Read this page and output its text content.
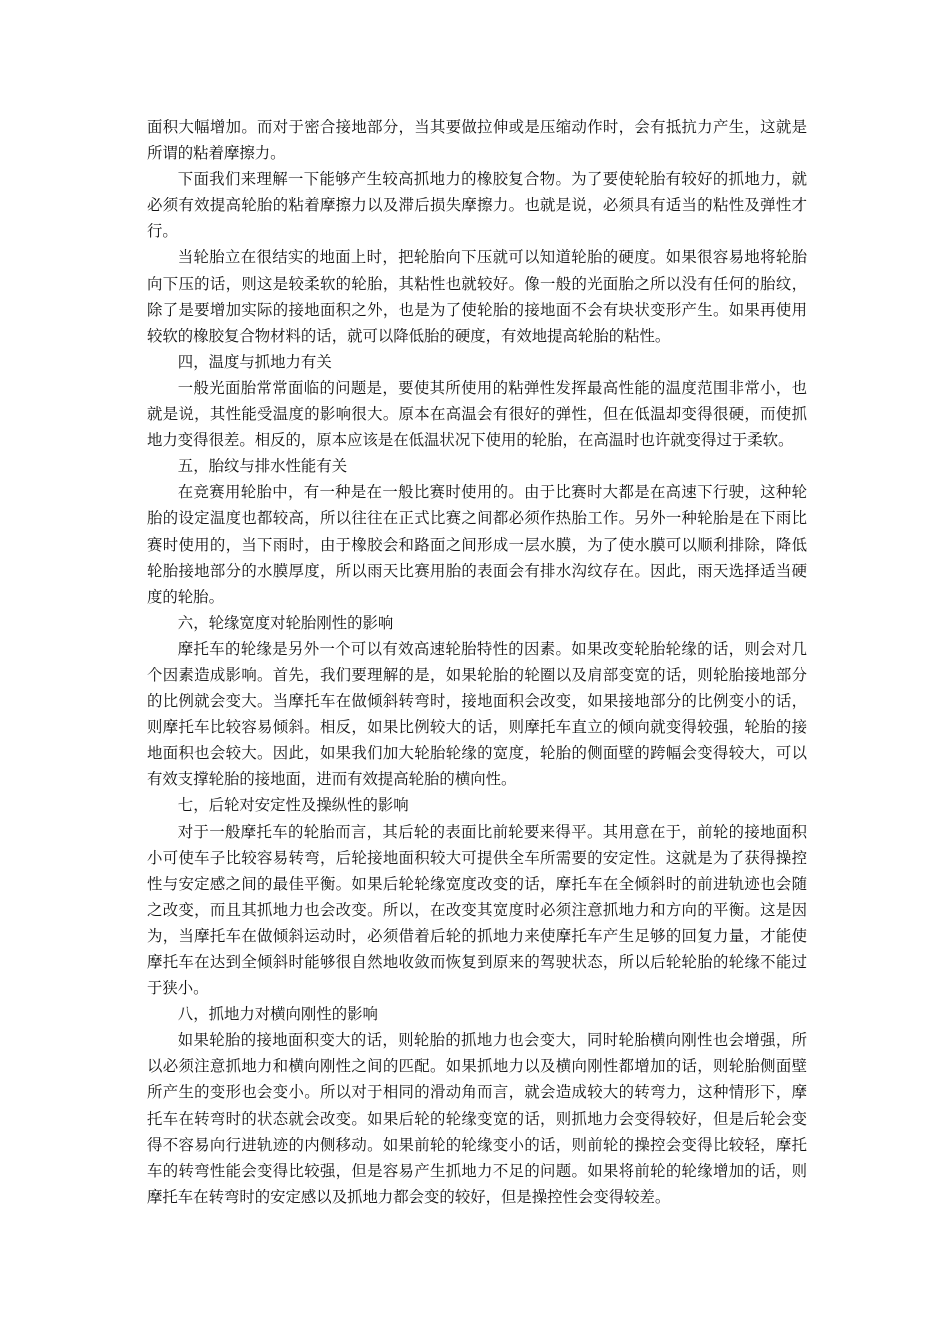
面积大幅增加。而对于密合接地部分，当其要做拉伸或是压缩动作时，会有抵抗力产生，这就是所谓的粘着摩擦力。

下面我们来理解一下能够产生较高抓地力的橡胶复合物。为了要使轮胎有较好的抓地力，就必须有效提高轮胎的粘着摩擦力以及滞后损失摩擦力。也就是说，必须具有适当的粘性及弹性才行。

当轮胎立在很结实的地面上时，把轮胎向下压就可以知道轮胎的硬度。如果很容易地将轮胎向下压的话，则这是较柔软的轮胎，其粘性也就较好。像一般的光面胎之所以没有任何的胎纹，除了是要增加实际的接地面积之外，也是为了使轮胎的接地面不会有块状变形产生。如果再使用较软的橡胶复合物材料的话，就可以降低胎的硬度，有效地提高轮胎的粘性。

四，温度与抓地力有关

一般光面胎常常面临的问题是，要使其所使用的粘弹性发挥最高性能的温度范围非常小，也就是说，其性能受温度的影响很大。原本在高温会有很好的弹性，但在低温却变得很硬，而使抓地力变得很差。相反的，原本应该是在低温状况下使用的轮胎，在高温时也许就变得过于柔软。

五，胎纹与排水性能有关

在竞赛用轮胎中，有一种是在一般比赛时使用的。由于比赛时大都是在高速下行驶，这种轮胎的设定温度也都较高，所以往往在正式比赛之间都必须作热胎工作。另外一种轮胎是在下雨比赛时使用的，当下雨时，由于橡胶会和路面之间形成一层水膜，为了使水膜可以顺利排除，降低轮胎接地部分的水膜厚度，所以雨天比赛用胎的表面会有排水沟纹存在。因此，雨天选择适当硬度的轮胎。

六，轮缘宽度对轮胎刚性的影响

摩托车的轮缘是另外一个可以有效高速轮胎特性的因素。如果改变轮胎轮缘的话，则会对几个因素造成影响。首先，我们要理解的是，如果轮胎的轮圈以及肩部变宽的话，则轮胎接地部分的比例就会变大。当摩托车在做倾斜转弯时，接地面积会改变，如果接地部分的比例变小的话，则摩托车比较容易倾斜。相反，如果比例较大的话，则摩托车直立的倾向就变得较强，轮胎的接地面积也会较大。因此，如果我们加大轮胎轮缘的宽度，轮胎的侧面壁的跨幅会变得较大，可以有效支撑轮胎的接地面，进而有效提高轮胎的横向性。

七，后轮对安定性及操纵性的影响

对于一般摩托车的轮胎而言，其后轮的表面比前轮要来得平。其用意在于，前轮的接地面积小可使车子比较容易转弯，后轮接地面积较大可提供全车所需要的安定性。这就是为了获得操控性与安定感之间的最佳平衡。如果后轮轮缘宽度改变的话，摩托车在全倾斜时的前进轨迹也会随之改变，而且其抓地力也会改变。所以，在改变其宽度时必须注意抓地力和方向的平衡。这是因为，当摩托车在做倾斜运动时，必须借着后轮的抓地力来使摩托车产生足够的回复力量，才能使摩托车在达到全倾斜时能够很自然地收敛而恢复到原来的驾驶状态，所以后轮轮胎的轮缘不能过于狭小。

八，抓地力对横向刚性的影响

如果轮胎的接地面积变大的话，则轮胎的抓地力也会变大，同时轮胎横向刚性也会增强，所以必须注意抓地力和横向刚性之间的匹配。如果抓地力以及横向刚性都增加的话，则轮胎侧面壁所产生的变形也会变小。所以对于相同的滑动角而言，就会造成较大的转弯力，这种情形下，摩托车在转弯时的状态就会改变。如果后轮的轮缘变宽的话，则抓地力会变得较好，但是后轮会变得不容易向行进轨迹的内侧移动。如果前轮的轮缘变小的话，则前轮的操控会变得比较轻，摩托车的转弯性能会变得比较强，但是容易产生抓地力不足的问题。如果将前轮的轮缘增加的话，则摩托车在转弯时的安定感以及抓地力都会变的较好，但是操控性会变得较差。
